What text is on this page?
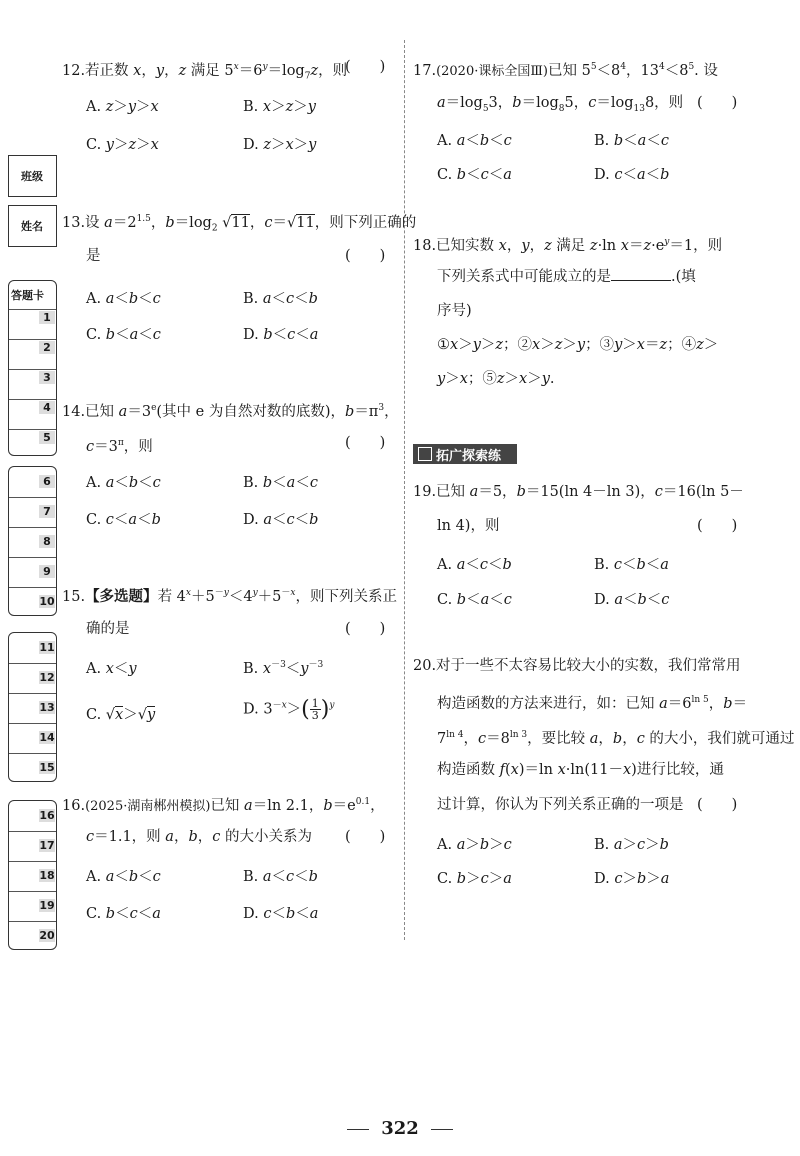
班级
姓名
答题卡
1
2
3
4
5
6
7
8
9
10
11
12
13
14
15
16
17
18
19
20
12.若正数 x，y，z 满足 $5^x=6^y=\log_7z$，则
(　　)
A. z＞y＞x	B. x＞z＞y
C. y＞z＞x	D. z＞x＞y
13.设 $a=2^{1.5}$，$b=\log_2$ √11，c＝√11，则下列正确的
是	(　　)
A. a＜b＜c	B. a＜c＜b
C. b＜a＜c	D. b＜c＜a
14.已知 $a=3^e$(其中 e 为自然对数的底数)，$b=\pi^3$，
$c=3^\pi$，则	(　　)
A. a＜b＜c	B. b＜a＜c
C. c＜a＜b	D. a＜c＜b
15.【多选题】若 $4^x+5^{-y}<4^y+5^{-x}$，则下列关系正
确的是	(　　)
A. x＜y	B. $x^{-3}<y^{-3}$
C. √x＞√y	D. $3^{-x}>( \frac{1}{3} )^y$
16.(2025·湖南郴州模拟)已知 a＝ln 2.1，$b=e^{0.1}$，
c＝1.1，则 a，b，c 的大小关系为 (　　)
A. a＜b＜c	B. a＜c＜b
C. b＜c＜a	D. c＜b＜a
17.(2020·课标全国Ⅲ)已知 $5^5<8^4$，$13^4<8^5$. 设
$a=\log_53$，$b=\log_85$，$c=\log_{13}8$，则 (　　)
A. a＜b＜c	B. b＜a＜c
C. b＜c＜a	D. c＜a＜b
18.已知实数 x，y，z 满足 z·ln $x=z\cdot e^y=1$，则
下列关系式中可能成立的是	.(填
序号)
①x＞y＞z；②x＞z＞y；③y＞x＝z；④z＞
y＞x；⑤z＞x＞y.
拓广探索练
19.已知 a＝5，b＝15(ln 4－ln 3)，c＝16(ln 5－
ln 4)，则	(　　)
A. a＜c＜b	B. c＜b＜a
C. b＜a＜c	D. a＜b＜c
20.对于一些不太容易比较大小的实数，我们常常用
构造函数的方法来进行，如：已知 $a=6^{ln 5}$，b＝
$7^{ln 4}$，$c=8^{ln 3}$，要比较 a，b，c 的大小，我们就可通过
构造函数 f(x)＝ln x·ln(11－x)进行比较，通
过计算，你认为下列关系正确的一项是 (　　)
A. a＞b＞c	B. a＞c＞b
C. b＞c＞a	D. c＞b＞a
322
